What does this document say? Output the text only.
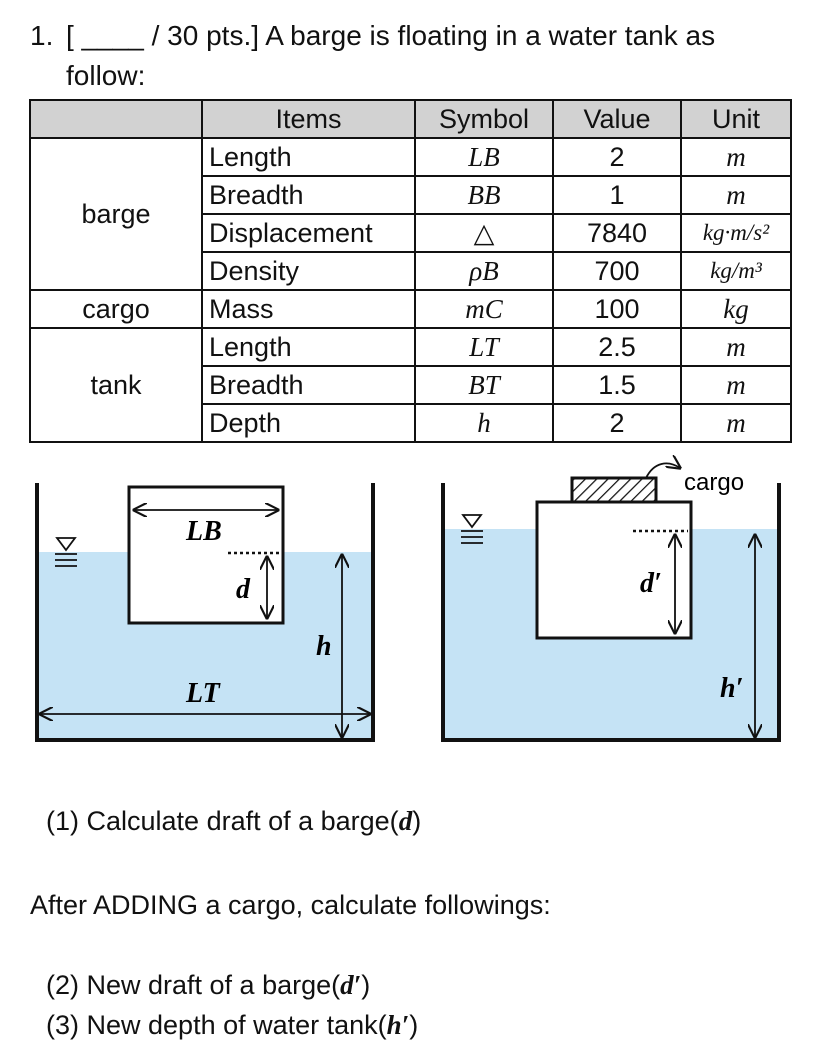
1. [ ____ / 30 pts.] A barge is floating in a water tank as
follow:
	Items	Symbol	Value	Unit
barge	Length	LB	2	m
	Breadth	BB	1	m
	Displacement	△	7840	kg·m/s²
	Density	ρB	700	kg/m³
cargo	Mass	mC	100	kg
tank	Length	LT	2.5	m
	Breadth	BT	1.5	m
	Depth	h	2	m
LB
d
h
LT
cargo
d′
h′
(1) Calculate draft of a barge(d)
After ADDING a cargo, calculate followings:
(2) New draft of a barge(d′)
(3) New depth of water tank(h′)
